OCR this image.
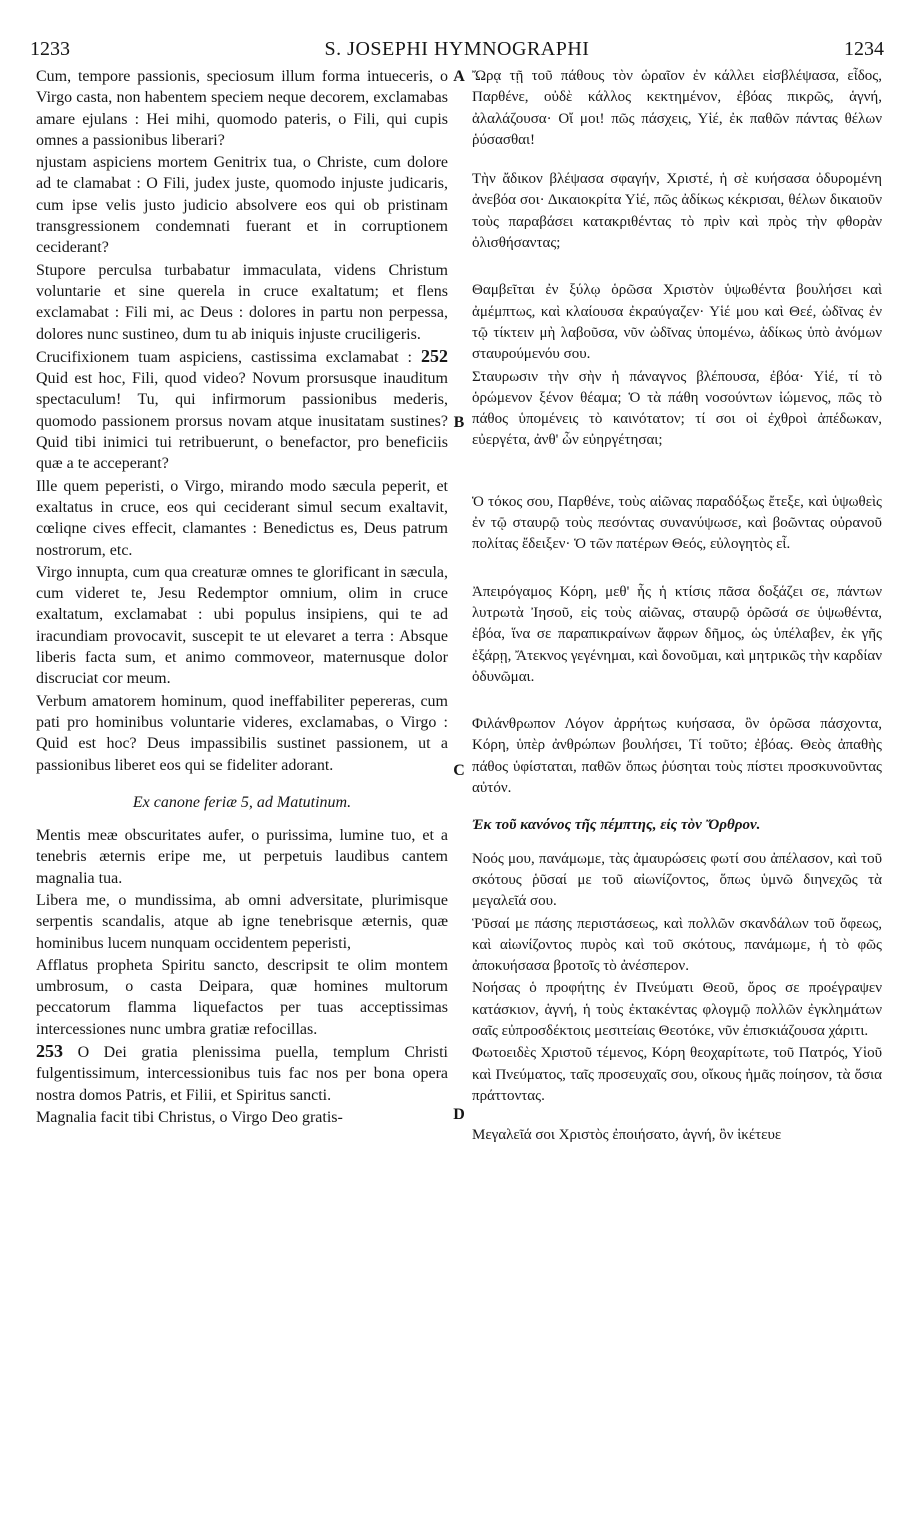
1233	S. JOSEPHI HYMNOGRAPHI	1234
A
B
C
D

Cum, tempore passionis, speciosum illum forma intueceris, o Virgo casta, non habentem speciem neque decorem, exclamabas amare ejulans : Hei mihi, quomodo pateris, o Fili, qui cupis omnes a passionibus liberari?

njustam aspiciens mortem Genitrix tua, o Christe, cum dolore ad te clamabat : O Fili, judex juste, quomodo injuste judicaris, cum ipse velis justo judicio absolvere eos qui ob pristinam transgressionem condemnati fuerant et in corruptionem ceciderant?

Stupore perculsa turbabatur immaculata, videns Christum voluntarie et sine querela in cruce exaltatum; et flens exclamabat : Fili mi, ac Deus : dolores in partu non perpessa, dolores nunc sustineo, dum tu ab iniquis injuste cruciligeris.

Crucifixionem tuam aspiciens, castissima exclamabat : 252 Quid est hoc, Fili, quod video? Novum prorsusque inauditum spectaculum! Tu, qui infirmorum passionibus mederis, quomodo passionem prorsus novam atque inusitatam sustines? Quid tibi inimici tui retribuerunt, o benefactor, pro beneficiis quæ a te acceperant?

Ille quem peperisti, o Virgo, mirando modo sæcula peperit, et exaltatus in cruce, eos qui ceciderant simul secum exaltavit, cœliqne cives effecit, clamantes : Benedictus es, Deus patrum nostrorum, etc.

Virgo innupta, cum qua creaturæ omnes te glorificant in sæcula, cum videret te, Jesu Redemptor omnium, olim in cruce exaltatum, exclamabat : ubi populus insipiens, qui te ad iracundiam provocavit, suscepit te ut elevaret a terra : Absque liberis facta sum, et animo commoveor, maternusque dolor discruciat cor meum.

Verbum amatorem hominum, quod ineffabiliter pepereras, cum pati pro hominibus voluntarie videres, exclamabas, o Virgo : Quid est hoc? Deus impassibilis sustinet passionem, ut a passionibus liberet eos qui se fideliter adorant.

Ex canone feriæ 5, ad Matutinum.

Mentis meæ obscuritates aufer, o purissima, lumine tuo, et a tenebris æternis eripe me, ut perpetuis laudibus cantem magnalia tua.

Libera me, o mundissima, ab omni adversitate, plurimisque serpentis scandalis, atque ab igne tenebrisque æternis, quæ hominibus lucem nunquam occidentem peperisti,

Afflatus propheta Spiritu sancto, descripsit te olim montem umbrosum, o casta Deipara, quæ homines multorum peccatorum flamma liquefactos per tuas acceptissimas intercessiones nunc umbra gratiæ refocillas.

253 O Dei gratia plenissima puella, templum Christi fulgentissimum, intercessionibus tuis fac nos per bona opera nostra domos Patris, et Filii, et Spiritus sancti.

Magnalia facit tibi Christus, o Virgo Deo gratis-

Ὤρᾳ τῇ τοῦ πάθους τὸν ὡραῖον ἐν κάλλει εἰσβλέψασα, εἶδος, Παρθένε, οὐδὲ κάλλος κεκτημένον, ἐβόας πικρῶς, ἁγνή, ἀλαλάζουσα· Οἴ μοι! πῶς πάσχεις, Υἱέ, ἐκ παθῶν πάντας θέλων ῥύσασθαι!

Τὴν ἄδικον βλέψασα σφαγήν, Χριστέ, ἡ σὲ κυήσασα ὀδυρομένη ἀνεβόα σοι· Δικαιοκρίτα Υἱέ, πῶς ἀδίκως κέκρισαι, θέλων δικαιοῦν τοὺς παραβάσει κατακριθέντας τὸ πρὶν καὶ πρὸς τὴν φθορὰν ὀλισθήσαντας;

Θαμβεῖται ἐν ξύλῳ ὁρῶσα Χριστὸν ὑψωθέντα βουλήσει καὶ ἀμέμπτως, καὶ κλαίουσα ἐκραύγαζεν· Υἱέ μου καὶ Θεέ, ὠδῖνας ἐν τῷ τίκτειν μὴ λαβοῦσα, νῦν ὠδῖνας ὑπομένω, ἀδίκως ὑπὸ ἀνόμων σταυρούμενόυ σου.

Σταυρωσιν τὴν σὴν ἡ πάναγνος βλέπουσα, ἐβόα· Υἱέ, τί τὸ ὁρώμενον ξένον θέαμα; Ὁ τὰ πάθη νοσούντων ἰώμενος, πῶς τὸ πάθος ὑπομένεις τὸ καινότατον; τί σοι οἱ ἐχθροὶ ἀπέδωκαν, εὐεργέτα, ἀνθ' ὧν εὐηργέτησαι;

Ὁ τόκος σου, Παρθένε, τοὺς αἰῶνας παραδόξως ἔτεξε, καὶ ὑψωθεὶς ἐν τῷ σταυρῷ τοὺς πεσόντας συνανύψωσε, καὶ βοῶντας οὐρανοῦ πολίτας ἔδειξεν· Ὁ τῶν πατέρων Θεός, εὐλογητὸς εἶ.

Ἀπειρόγαμος Κόρη, μεθ' ἧς ἡ κτίσις πᾶσα δοξάζει σε, πάντων λυτρωτὰ Ἰησοῦ, εἰς τοὺς αἰῶνας, σταυρῷ ὁρῶσά σε ὑψωθέντα, ἐβόα, ἵνα σε παραπικραίνων ἄφρων δῆμος, ὡς ὑπέλαβεν, ἐκ γῆς ἐξάρῃ, Ἄτεκνος γεγένημαι, καὶ δονοῦμαι, καὶ μητρικῶς τὴν καρδίαν ὀδυνῶμαι.

Φιλάνθρωπον Λόγον ἀρρήτως κυήσασα, ὃν ὁρῶσα πάσχοντα, Κόρη, ὑπὲρ ἀνθρώπων βουλήσει, Τί τοῦτο; ἐβόας. Θεὸς ἀπαθὴς πάθος ὑφίσταται, παθῶν ὅπως ῥύσηται τοὺς πίστει προσκυνοῦντας αὐτόν.

Ἐκ τοῦ κανόνος τῆς πέμπτης, εἰς τὸν Ὄρθρον.

Νοός μου, πανάμωμε, τὰς ἀμαυρώσεις φωτί σου ἀπέλασον, καὶ τοῦ σκότους ῥῦσαί με τοῦ αἰωνίζοντος, ὅπως ὑμνῶ διηνεχῶς τὰ μεγαλεῖά σου.

Ῥῦσαί με πάσης περιστάσεως, καὶ πολλῶν σκανδάλων τοῦ ὄφεως, καὶ αἰωνίζοντος πυρὸς καὶ τοῦ σκότους, πανάμωμε, ἡ τὸ φῶς ἀποκυήσασα βροτοῖς τὸ ἀνέσπερον.

Νοήσας ὁ προφήτης ἐν Πνεύματι Θεοῦ, ὄρος σε προέγραψεν κατάσκιον, ἁγνή, ἡ τοὺς ἐκτακέντας φλογμῷ πολλῶν ἐγκλημάτων σαῖς εὐπροσδέκτοις μεσιτείαις Θεοτόκε, νῦν ἐπισκιάζουσα χάριτι.

Φωτοειδὲς Χριστοῦ τέμενος, Κόρη θεοχαρίτωτε, τοῦ Πατρός, Υἱοῦ καὶ Πνεύματος, ταῖς προσευχαῖς σου, οἴκους ἡμᾶς ποίησον, τὰ ὅσια πράττοντας.

Μεγαλεῖά σοι Χριστὸς ἐποιήσατο, ἁγνή, ὃν ἱκέτευε
